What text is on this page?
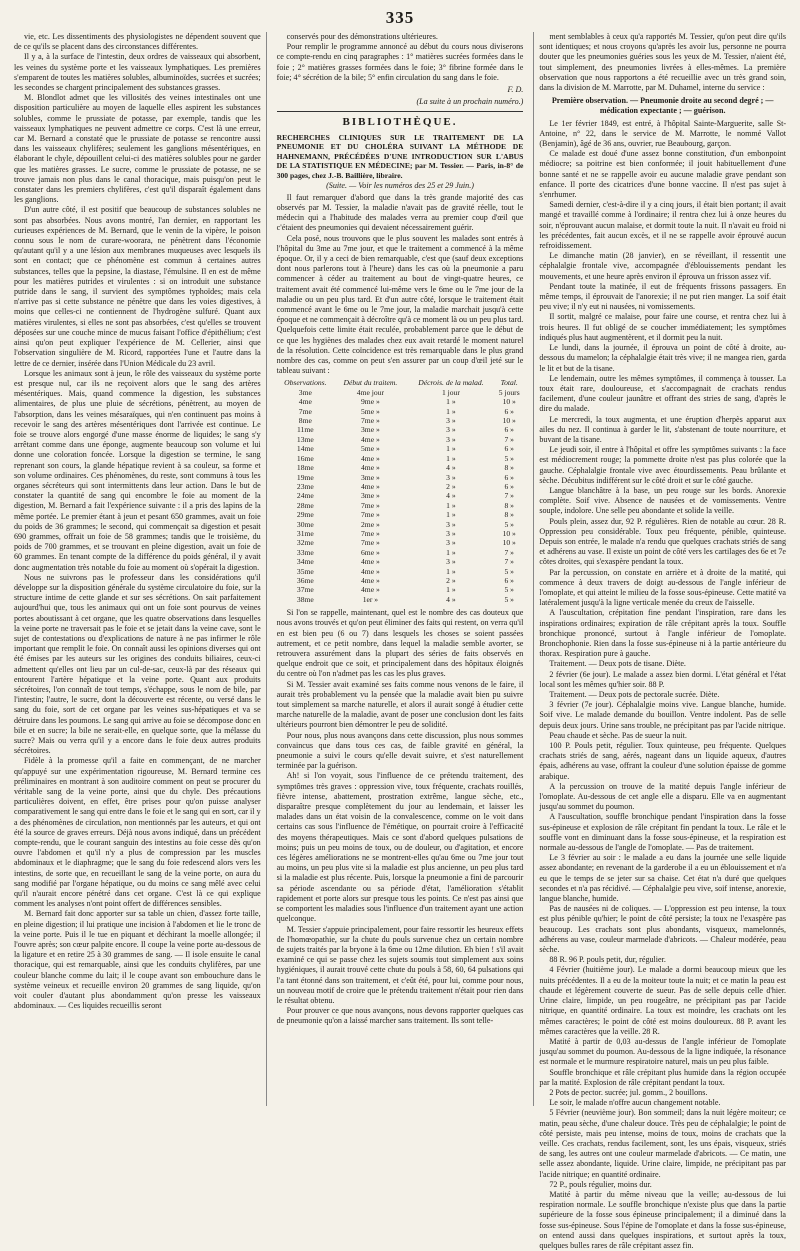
335

vie, etc. Les dissentiments des physiologistes ne dépendent souvent que de ce qu'ils se placent dans des circonstances différentes.

Il y a, à la surface de l'intestin, deux ordres de vaisseaux qui absorbent, les veines du système porte et les vaisseaux lymphatiques. Les premières s'emparent de toutes les matières solubles, albuminoïdes, sucrées et sucrées; les secondes se chargent principalement des substances grasses.

M. Blondlot admet que les villosités des veines intestinales ont une disposition particulière au moyen de laquelle elles aspirent les substances solubles, comme le prussiate de potasse, par exemple, tandis que les vaisseaux lymphatiques ne peuvent admettre ce corps. C'est là une erreur, car M. Bernard a constaté que le prussiate de potasse se rencontre aussi dans les vaisseaux chylifères; seulement les ganglions mésentériques, en élaborant le chyle, dépouillent celui-ci des matières solubles pour ne garder que les matières grasses. Le sucre, comme le prussiate de potasse, ne se trouve jamais non plus dans le canal thoracique, mais puisqu'on peut le constater dans les premiers chylifères, c'est qu'il disparaît également dans les ganglions.

D'un autre côté, il est positif que beaucoup de substances solubles ne sont pas absorbées. Nous avons montré, l'an dernier, en rapportant les curieuses expériences de M. Bernard, que le venin de la vipère, le poison connu sous le nom de curare-woorara, ne pénètrent dans l'économie qu'autant qu'il y a une lésion aux membranes muqueuses avec lesquels ils sont en contact; que ce phénomène est commun à certaines autres substances, telles que la pepsine, la diastase, l'émulsine. Il en est de même pour les matières putrides et virulentes : si on introduit une substance putride dans le sang, il survient des symptômes typhoïdes; mais cela n'arrive pas si cette substance ne pénètre que dans les voies digestives, à moins que celles-ci ne contiennent de l'hydrogène sulfuré. Quant aux matières virulentes, si elles ne sont pas absorbées, c'est qu'elles se trouvent déposées sur une couche mince de mucus faisant l'office d'épithélium; c'est ainsi qu'on peut expliquer l'expérience de M. Cellerier, ainsi que l'observation singulière de M. Ricord, rapportées l'une et l'autre dans la lettre de ce dernier, insérée dans l'Union Médicale du 23 avril.

Lorsque les animaux sont à jeun, le rôle des vaisseaux du système porte est presque nul, car ils ne reçoivent alors que le sang des artères mésentériques. Mais, quand commence la digestion, les substances alimentaires, de plus une pluie de sécrétions, pénètrent, au moyen de l'absorption, dans les veines mésaraïques, qui n'en continuent pas moins à recevoir le sang des artères mésentériques dont l'arrivée est continue. Le foie se trouve alors engorgé d'une masse énorme de liquides; le sang s'y arrêtant comme dans une éponge, augmente beaucoup son volume et lui donne une coloration foncée. Lorsque la digestion se termine, le sang reprenant son cours, la glande hépatique revient à sa couleur, sa forme et son volume ordinaires. Ces phénomènes, du reste, sont communs à tous les organes sécréteurs qui sont intermittents dans leur action. Dans le but de constater la quantité de sang qui encombre le foie au moment de la digestion, M. Bernard a fait l'expérience suivante : il a pris des lapins de la même portée. Le premier étant à jeun et pesant 650 grammes, avait un foie du poids de 36 grammes; le second, qui commençait sa digestion et pesait 690 grammes, offrait un foie de 58 grammes; tandis que le troisième, du poids de 700 grammes, et se trouvant en pleine digestion, avait un foie de 60 grammes. En tenant compte de la différence du poids général, il y avait donc augmentation très notable du foie au moment où s'opérait la digestion.

Nous ne suivrons pas le professeur dans les considérations qu'il développe sur la disposition générale du système circulatoire du foie, sur la structure intime de cette glande et sur ses sécrétions. On sait parfaitement aujourd'hui que, tous les animaux qui ont un foie sont pourvus de veines portes aboutissant à cet organe, que les quatre observations dans lesquelles la veine porte ne traversait pas le foie et se jetait dans la veine cave, sont le sujet de contestations ou d'explications de nature à ne pas infirmer le rôle important que remplit le foie. On connaît aussi les opinions diverses qui ont été émises par les auteurs sur les origines des conduits biliaires, ceux-ci admettent qu'elles ont lieu par un cul-de-sac, ceux-là par des réseaux qui entourent l'artère hépatique et la veine porte. Quant aux produits sécrétoires, l'on connaît de tout temps, s'échappe, sous le nom de bile, par l'intestin; l'autre, le sucre, dont la découverte est récente, ou versé dans le sang du foie, sort de cet organe par les veines sus-hépatiques et va se détruire dans les poumons. Le sang qui arrive au foie se décompose donc en bile et en sucre; la bile ne serait-elle, en quelque sorte, que la mélasse du sucre? Mais ou verra qu'il y a encore dans le foie deux autres produits sécrétoires.

Fidèle à la promesse qu'il a faite en commençant, de ne marcher qu'appuyé sur une expérimentation rigoureuse, M. Bernard termine ces préliminaires en montrant à son auditoire comment on peut se procurer du véritable sang de la veine porte, ainsi que du chyle. Des précautions particulières doivent, en effet, être prises pour qu'on puisse analyser comparativement le sang qui entre dans le foie et le sang qui en sort, car il y a des phénomènes de circulation, non mentionnés par les auteurs, et qui ont été la source de graves erreurs. Déjà nous avons indiqué, dans un précédent compte-rendu, que le courant sanguin des intestins au foie cesse dès qu'on ouvre l'abdomen et qu'il n'y a plus de compression par les muscles abdominaux et le diaphragme; que le sang du foie redescend alors vers les intestins, de sorte que, en recueillant le sang de la veine porte, on aura du sang modifié par l'organe hépatique, ou du moins ce sang mêlé avec celui qu'il n'aurait encore pénétré dans cet organe. C'est là ce qui explique comment les analyses n'ont point offert de différences sensibles.

M. Bernard fait donc apporter sur sa table un chien, d'assez forte taille, en pleine digestion; il lui pratique une incision à l'abdomen et lie le tronc de la veine porte. Puis il le tue en piquant et déchirant la moelle allongée; il l'ouvre après; son cœur palpite encore. Il coupe la veine porte au-dessous de la ligature et en retire 25 à 30 grammes de sang. — Il isole ensuite le canal thoracique, qui est remarquable, ainsi que les conduits chylifères, par une couleur blanche comme du lait; il le coupe avant son embouchure dans le système veineux et recueille environ 20 grammes de sang liquide, qu'on voit couler d'autant plus abondamment qu'on presse les vaisseaux abdominaux. — Ces liquides recueillis seront

conservés pour des démonstrations ultérieures.

Pour remplir le programme annoncé au début du cours nous diviserons ce compte-rendu en cinq paragraphes : 1° matières sucrées formées dans le foie ; 2° matières grasses formées dans le foie; 3° fibrine formée dans le foie; 4° sécrétion de la bile; 5° enfin circulation du sang dans le foie.

F. D.
(La suite à un prochain numéro.)
BIBLIOTHÈQUE.

RECHERCHES CLINIQUES SUR LE TRAITEMENT DE LA PNEUMONIE ET DU CHOLÉRA SUIVANT LA MÉTHODE DE HAHNEMANN, PRÉCÉDÉES D'UNE INTRODUCTION SUR L'ABUS DE LA STATISTIQUE EN MÉDECINE; par M. Tessier. — Paris, in-8° de 300 pages, chez J.-B. Baillière, libraire.

(Suite. — Voir les numéros des 25 et 29 Juin.)

Il faut remarquer d'abord que dans la très grande majorité des cas observés par M. Tessier, la maladie n'avait pas de gravité réelle, tout le médecin qui a l'habitude des malades verra au premier coup d'œil que c'étaient des pneumonies qui devaient nécessairement guérir.

Cela posé, nous trouvons que le plus souvent les malades sont entrés à l'hôpital du 3me au 7me jour, et que le traitement a commencé à la même époque. Or, il y a ceci de bien remarquable, c'est que (sauf deux exceptions dont nous parlerons tout à l'heure) dans les cas où la pneumonie a paru commencer à céder au traitement au bout de vingt-quatre heures, ce traitement avait été commencé lui-même vers le 6me ou le 7me jour de la maladie ou un peu plus tard. Et d'un autre côté, lorsque le traitement était commencé avant le 6me ou le 7me jour, la maladie marchait jusqu'à cette époque et ne commençait à décroître qu'à ce moment là ou un peu plus tard. Quelquefois cette limite était reculée, probablement parce que le début de ce que les hygiènes des malades chez eux avait retardé le moment naturel de la résolution. Cette coïncidence est très remarquable dans le plus grand nombre des cas, comme on peut s'en assurer par un coup d'œil jeté sur le tableau suivant :

Observations.	Début du traitem.	Décrois. de la malad.	Total.
3me	4me jour	1 jour	5 jours
4me	9me »	1 »	10 »
7me	5me »	1 »	6 »
8me	7me »	3 »	10 »
11me	3me »	3 »	6 »
13me	4me »	3 »	7 »
14me	5me »	1 »	6 »
16me	4me »	1 »	5 »
18me	4me »	4 »	8 »
19me	3me »	3 »	6 »
23me	4me »	2 »	6 »
24me	3me »	4 »	7 »
28me	7me »	1 »	8 »
29me	7me »	1 »	8 »
30me	2me »	3 »	5 »
31me	7me »	3 »	10 »
32me	7me »	3 »	10 »
33me	6me »	1 »	7 »
34me	4me »	3 »	7 »
35me	4me »	1 »	5 »
36me	4me »	2 »	6 »
37me	4me »	1 »	5 »
38me	1er »	4 »	5 »

Si l'on se rappelle, maintenant, quel est le nombre des cas douteux que nous avons trouvés et qu'on peut éliminer des faits qui restent, on verra qu'il en est bien peu (6 ou 7) dans lesquels les choses se soient passées autrement, et ce petit nombre, dans lequel la maladie semble avorter, se retrouvera assurément dans la plupart des séries de faits observés en quelque endroit que ce soit, et principalement dans des hôpitaux éloignés du centre où l'on n'admet pas les cas les plus graves.

Si M. Tessier avait examiné ses faits comme nous venons de le faire, il aurait très probablement vu la pensée que la maladie avait bien pu suivre tout simplement sa marche naturelle, et alors il aurait songé à étudier cette marche naturelle de la maladie, avant de poser une conclusion dont les faits ultérieurs pourront bien démontrer le peu de solidité.

Pour nous, plus nous avançons dans cette discussion, plus nous sommes convaincus que dans tous ces cas, de faible gravité en général, la pneumonie a suivi le cours qu'elle devait suivre, et s'est naturellement terminée par la guérison.

Ah! si l'on voyait, sous l'influence de ce prétendu traitement, des symptômes très graves : oppression vive, toux fréquente, crachats rouillés, fièvre intense, abattement, prostration extrême, langue sèche, etc., disparaître presque complètement du jour au lendemain, et laisser les malades dans un état voisin de la convalescence, comme on le voit dans certains cas sous l'influence de l'émétique, on pourrait croire à l'efficacité des moyens thérapeutiques. Mais ce sont d'abord quelques pulsations de moins; puis un peu moins de toux, ou de douleur, ou d'agitation, et encore ces légères améliorations ne se montrent-elles qu'au 6me ou 7me jour tout au moins, un peu plus vite si la maladie est plus ancienne, un peu plus tard si la maladie est plus récente. Puis, lorsque la pneumonie a fini de parcourir sa période ascendante ou sa période d'état, l'amélioration s'établit rapidement et porte alors sur presque tous les points. Ce n'est pas ainsi que se comportent les maladies sous l'influence d'un traitement ayant une action quelconque.

M. Tessier s'appuie principalement, pour faire ressortir les heureux effets de l'homœopathie, sur la chute du pouls survenue chez un certain nombre de sujets traités par la bryone à la 6me ou 12me dilution. Eh bien ! s'il avait examiné ce qui se passe chez les sujets soumis tout simplement aux soins hygiéniques, il aurait trouvé cette chute du pouls à 58, 60, 64 pulsations qui l'a tant étonné dans son traitement, et c'eût été, pour lui, comme pour nous, un nouveau motif de croire que le prétendu traitement n'était pour rien dans le résultat obtenu.

Pour prouver ce que nous avançons, nous devons rapporter quelques cas de pneumonie qu'on a laissé marcher sans traitement. Ils sont telle-

ment semblables à ceux qu'a rapportés M. Tessier, qu'on peut dire qu'ils sont identiques; et nous croyons qu'après les avoir lus, personne ne pourra douter que les pneumonies guéries sous les yeux de M. Tessier, n'aient été, tout simplement, des pneumonies livrées à elles-mêmes. La première observation que nous rapportons a été recueillie avec un très grand soin, dans la division de M. Marrotte, par M. Duhamel, interne du service :

Première observation. — Pneumonie droite au second degré ; — médication expectante ; — guérison.

Le 1er février 1849, est entré, à l'hôpital Sainte-Marguerite, salle St-Antoine, n° 22, dans le service de M. Marrotte, le nommé Vallot (Benjamin), âgé de 36 ans, ouvrier, rue Beaubourg, garçon.

Ce malade est doué d'une assez bonne constitution, d'un embonpoint médiocre; sa poitrine est bien conformée; il jouit habituellement d'une bonne santé et ne se rappelle avoir eu aucune maladie grave pendant son enfance. Il porte des cicatrices d'une bonne vaccine. Il n'est pas sujet à s'enrhumer.

Samedi dernier, c'est-à-dire il y a cinq jours, il était bien portant; il avait mangé et travaillé comme à l'ordinaire; il rentra chez lui à onze heures du soir, n'éprouvant aucun malaise, et dormit toute la nuit. Il n'avait eu froid ni les précédentes, fait aucun excès, et il ne se rappelle avoir éprouvé aucun refroidissement.

Le dimanche matin (28 janvier), en se réveillant, il ressentit une céphalalgie frontale vive, accompagnée d'éblouissements pendant les mouvements, et une heure après environ il éprouva un frisson assez vif.

Pendant toute la matinée, il eut de fréquents frissons passagers. En même temps, il éprouvait de l'anorexie; il ne put rien manger. La soif était peu vive; il n'y eut ni nausées, ni vomissements.

Il sortit, malgré ce malaise, pour faire une course, et rentra chez lui à trois heures. Il fut obligé de se coucher immédiatement; les symptômes indiqués plus haut augmentèrent, et il dormit peu la nuit.

Le lundi, dans la journée, il éprouva un point de côté à droite, au-dessous du mamelon; la céphalalgie était très vive; il ne mangea rien, garda le lit et but de la tisane.

Le lendemain, outre les mêmes symptômes, il commença à tousser. La toux était rare, douloureuse, et s'accompagnait de crachats rendus facilement, d'une couleur jaunâtre et offrant des stries de sang, d'après le dire du malade.

Le mercredi, la toux augmenta, et une éruption d'herpès apparut aux ailes du nez. Il continua à garder le lit, s'abstenant de toute nourriture, et buvant de la tisane.

Le jeudi soir, il entre à l'hôpital et offre les symptômes suivants : la face est médiocrement rouge; la pommette droite n'est pas plus colorée que la gauche. Céphalalgie frontale vive avec étourdissements. Peau brûlante et sèche. Décubitus indifférent sur le côté droit et sur le côté gauche.

Langue blanchâtre à la base, un peu rouge sur les bords. Anorexie complète. Soif vive. Absence de nausées et de vomissements. Ventre souple, indolore. Une selle peu abondante et solide la veille.

Pouls plein, assez dur, 92 P. régulières. Rien de notable au cœur. 28 R. Oppression peu considérable. Toux peu fréquente, pénible, quinteuse. Depuis son entrée, le malade n'a rendu que quelques crachats striés de sang et adhérens au vase. Il existe un point de côté vers les cartilages des 6e et 7e côtes droites, qui s'exaspère pendant la toux.

Par la percussion, on constate en arrière et à droite de la matité, qui commence à deux travers de doigt au-dessous de l'angle inférieur de l'omoplate, et qui atteint le milieu de la fosse sous-épineuse. Cette matité va latéralement jusqu'à la ligne verticale menée du creux de l'aisselle.

A l'auscultation, crépitation fine pendant l'inspiration, rare dans les inspirations ordinaires; expiration de râle crépitant après la toux. Souffle bronchique prononcé, surtout à l'angle inférieur de l'omoplate. Bronchophonie. Rien dans la fosse sus-épineuse ni à la partie antérieure du thorax. Respiration pure à gauche.

Traitement. — Deux pots de tisane. Diète.

2 février (6e jour). Le malade a assez bien dormi. L'état général et l'état local sont les mêmes qu'hier soir. 88 P.

Traitement. — Deux pots de pectorale sucrée. Diète.

3 février (7e jour). Céphalalgie moins vive. Langue blanche, humide. Soif vive. Le malade demande du bouillon. Ventre indolent. Pas de selle depuis deux jours. Urine sans trouble, ne précipitant pas par l'acide nitrique.

Peau chaude et sèche. Pas de sueur la nuit.

100 P. Pouls petit, régulier. Toux quinteuse, peu fréquente. Quelques crachats striés de sang, aérés, nageant dans un liquide aqueux, d'autres épais, adhérens au vase, offrant la couleur d'une solution épaisse de gomme arabique.

A la percussion on trouve de la matité depuis l'angle inférieur de l'omoplate. Au-dessous de cet angle elle a disparu. Elle va en augmentant jusqu'au sommet du poumon.

A l'auscultation, souffle bronchique pendant l'inspiration dans la fosse sus-épineuse et explosion de râle crépitant fin pendant la toux. Le râle et le souffle vont en diminuant dans la fosse sous-épineuse, et la respiration est normale au-dessous de l'angle de l'omoplate. — Pas de traitement.

Le 3 février au soir : le malade a eu dans la journée une selle liquide assez abondante; en revenant de la garderobe il a eu un éblouissement et n'a eu que le temps de se jeter sur sa chaise. Cet état n'a duré que quelques secondes et n'a pas récidivé. — Céphalalgie peu vive, soif intense, anorexie, langue blanche, humide.

Pas de nausées ni de coliques. — L'oppression est peu intense, la toux est plus pénible qu'hier; le point de côté persiste; la toux ne l'exaspère pas beaucoup. Les crachats sont plus abondants, visqueux, mamelonnés, adhérens au vase, couleur marmelade d'abricots. — Chaleur modérée, peau sèche.

88 R. 96 P. pouls petit, dur, régulier.

4 Février (huitième jour). Le malade a dormi beaucoup mieux que les nuits précédentes. Il a eu de la moiteur toute la nuit; et ce matin la peau est chaude et légèrement couverte de sueur. Pas de selle depuis celle d'hier. Urine claire, limpide, un peu rougeâtre, ne précipitant pas par l'acide nitrique, en quantité ordinaire. La toux est moindre, les crachats ont les mêmes caractères; le point de côté est moins douloureux. 88 P. avant les mêmes caractères que la veille. 28 R.

Matité à partir de 0,03 au-dessus de l'angle inférieur de l'omoplate jusqu'au sommet du poumon. Au-dessous de la ligne indiquée, la résonance est normale et le murmure respiratoire naturel, mais un peu plus faible.

Souffle bronchique et râle crépitant plus humide dans la région occupée par la matité. Explosion de râle crépitant pendant la toux.

2 Pots de pector. sucrée; jul. gomm., 2 bouillons.

Le soir, le malade n'offre aucun changement notable.

5 Février (neuvième jour). Bon sommeil; dans la nuit légère moiteur; ce matin, peau sèche, d'une chaleur douce. Très peu de céphalalgie; le point de côté persiste, mais peu intense, moins de toux, moins de crachats que la veille. Ces crachats, rendus facilement, sont, les uns épais, visqueux, striés de sang, les autres ont une couleur marmelade d'abricots. — Ce matin, une selle assez abondante, liquide. Urine claire, limpide, ne précipitant pas par l'acide nitrique; en quantité ordinaire.

72 P., pouls régulier, moins dur.

Matité à partir du même niveau que la veille; au-dessous de lui respiration normale. Le souffle bronchique n'existe plus que dans la partie supérieure de la fosse sous épineuse principalement; il a diminué dans la fosse sus-épineuse. Sous l'épine de l'omoplate et dans la fosse sus-épineuse, on entend aussi dans quelques inspirations, et surtout après la toux, quelques bulles rares de râle crépitant assez fin.
